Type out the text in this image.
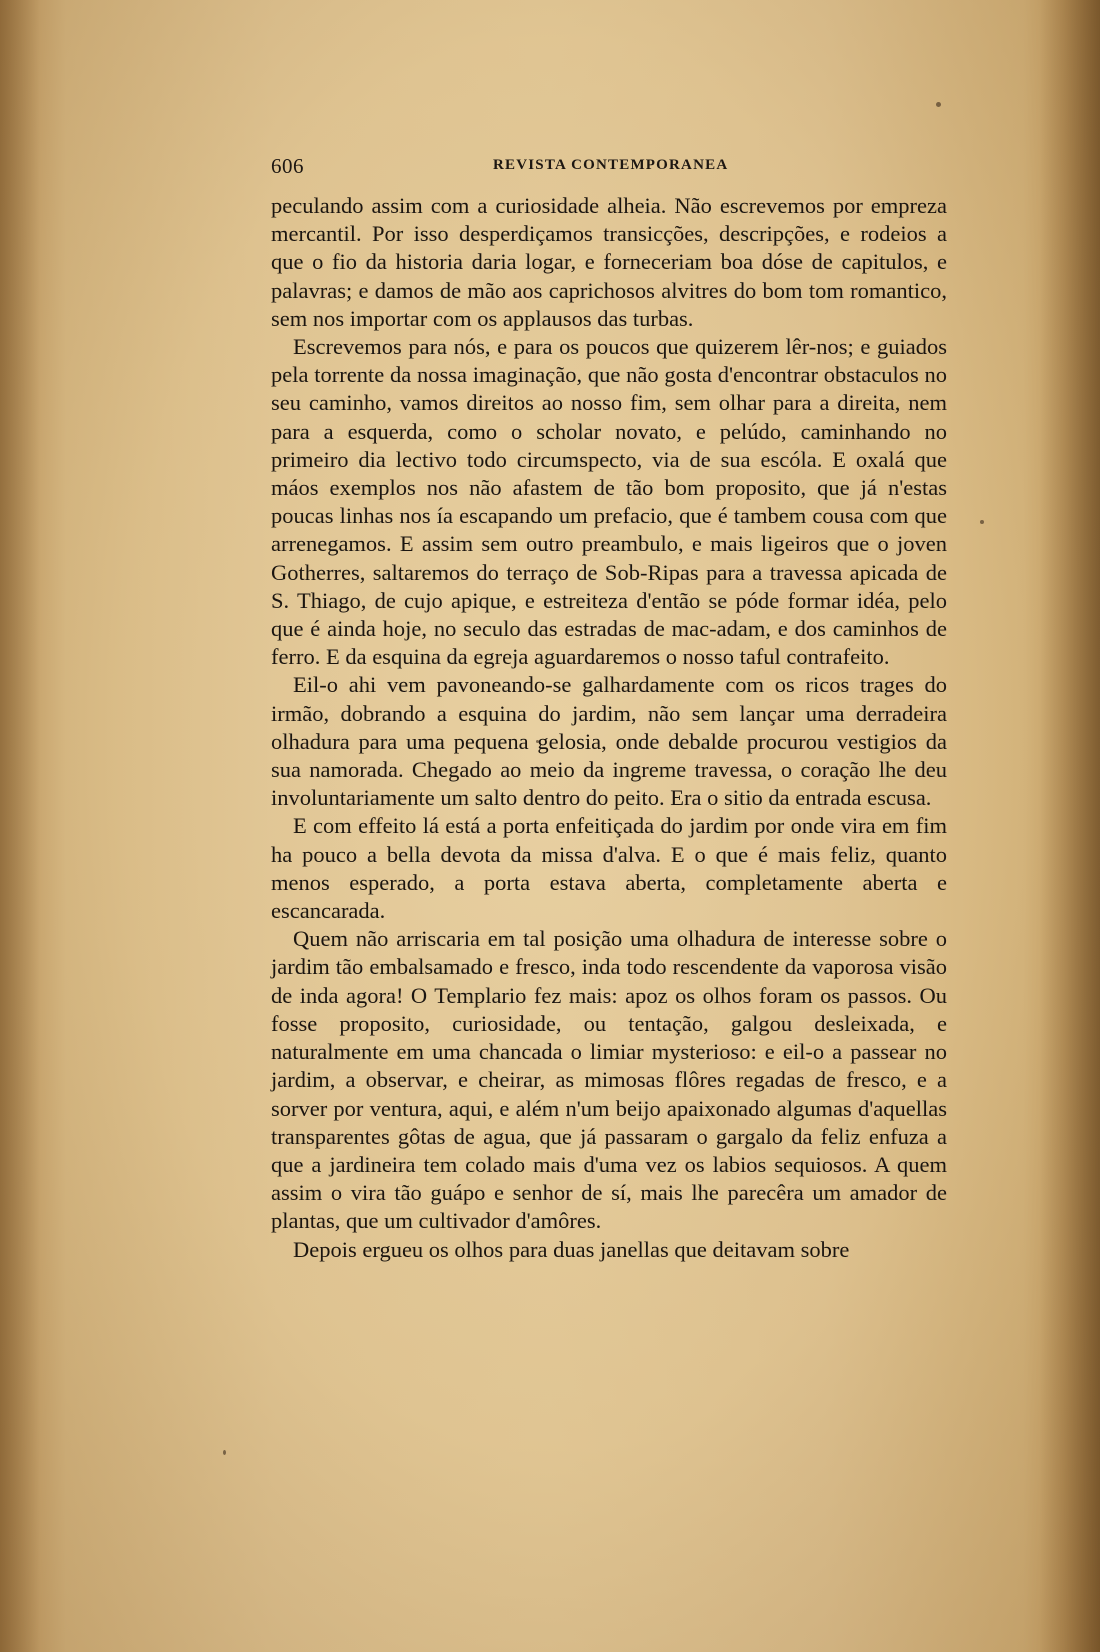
606	REVISTA CONTEMPORANEA

peculando assim com a curiosidade alheia. Não escrevemos por empreza mercantil. Por isso desperdiçamos transicções, descripções, e rodeios a que o fio da historia daria logar, e forneceriam boa dóse de capitulos, e palavras; e damos de mão aos caprichosos alvitres do bom tom romantico, sem nos importar com os applausos das turbas.

Escrevemos para nós, e para os poucos que quizerem lêr-nos; e guiados pela torrente da nossa imaginação, que não gosta d'encontrar obstaculos no seu caminho, vamos direitos ao nosso fim, sem olhar para a direita, nem para a esquerda, como o scholar novato, e pelúdo, caminhando no primeiro dia lectivo todo circumspecto, via de sua escóla. E oxalá que máos exemplos nos não afastem de tão bom proposito, que já n'estas poucas linhas nos ía escapando um prefacio, que é tambem cousa com que arrenegamos. E assim sem outro preambulo, e mais ligeiros que o joven Gotherres, saltaremos do terraço de Sob-Ripas para a travessa apicada de S. Thiago, de cujo apique, e estreiteza d'então se póde formar idéa, pelo que é ainda hoje, no seculo das estradas de mac-adam, e dos caminhos de ferro. E da esquina da egreja aguardaremos o nosso taful contrafeito.

Eil-o ahi vem pavoneando-se galhardamente com os ricos trages do irmão, dobrando a esquina do jardim, não sem lançar uma derradeira olhadura para uma pequena gelosia, onde debalde procurou vestigios da sua namorada. Chegado ao meio da ingreme travessa, o coração lhe deu involuntariamente um salto dentro do peito. Era o sitio da entrada escusa.

E com effeito lá está a porta enfeitiçada do jardim por onde vira em fim ha pouco a bella devota da missa d'alva. E o que é mais feliz, quanto menos esperado, a porta estava aberta, completamente aberta e escancarada.

Quem não arriscaria em tal posição uma olhadura de interesse sobre o jardim tão embalsamado e fresco, inda todo rescendente da vaporosa visão de inda agora! O Templario fez mais: apoz os olhos foram os passos. Ou fosse proposito, curiosidade, ou tentação, galgou desleixada, e naturalmente em uma chancada o limiar mysterioso: e eil-o a passear no jardim, a observar, e cheirar, as mimosas flôres regadas de fresco, e a sorver por ventura, aqui, e além n'um beijo apaixonado algumas d'aquellas transparentes gôtas de agua, que já passaram o gargalo da feliz enfuza a que a jardineira tem colado mais d'uma vez os labios sequiosos. A quem assim o vira tão guápo e senhor de sí, mais lhe parecêra um amador de plantas, que um cultivador d'amôres.

Depois ergueu os olhos para duas janellas que deitavam sobre
